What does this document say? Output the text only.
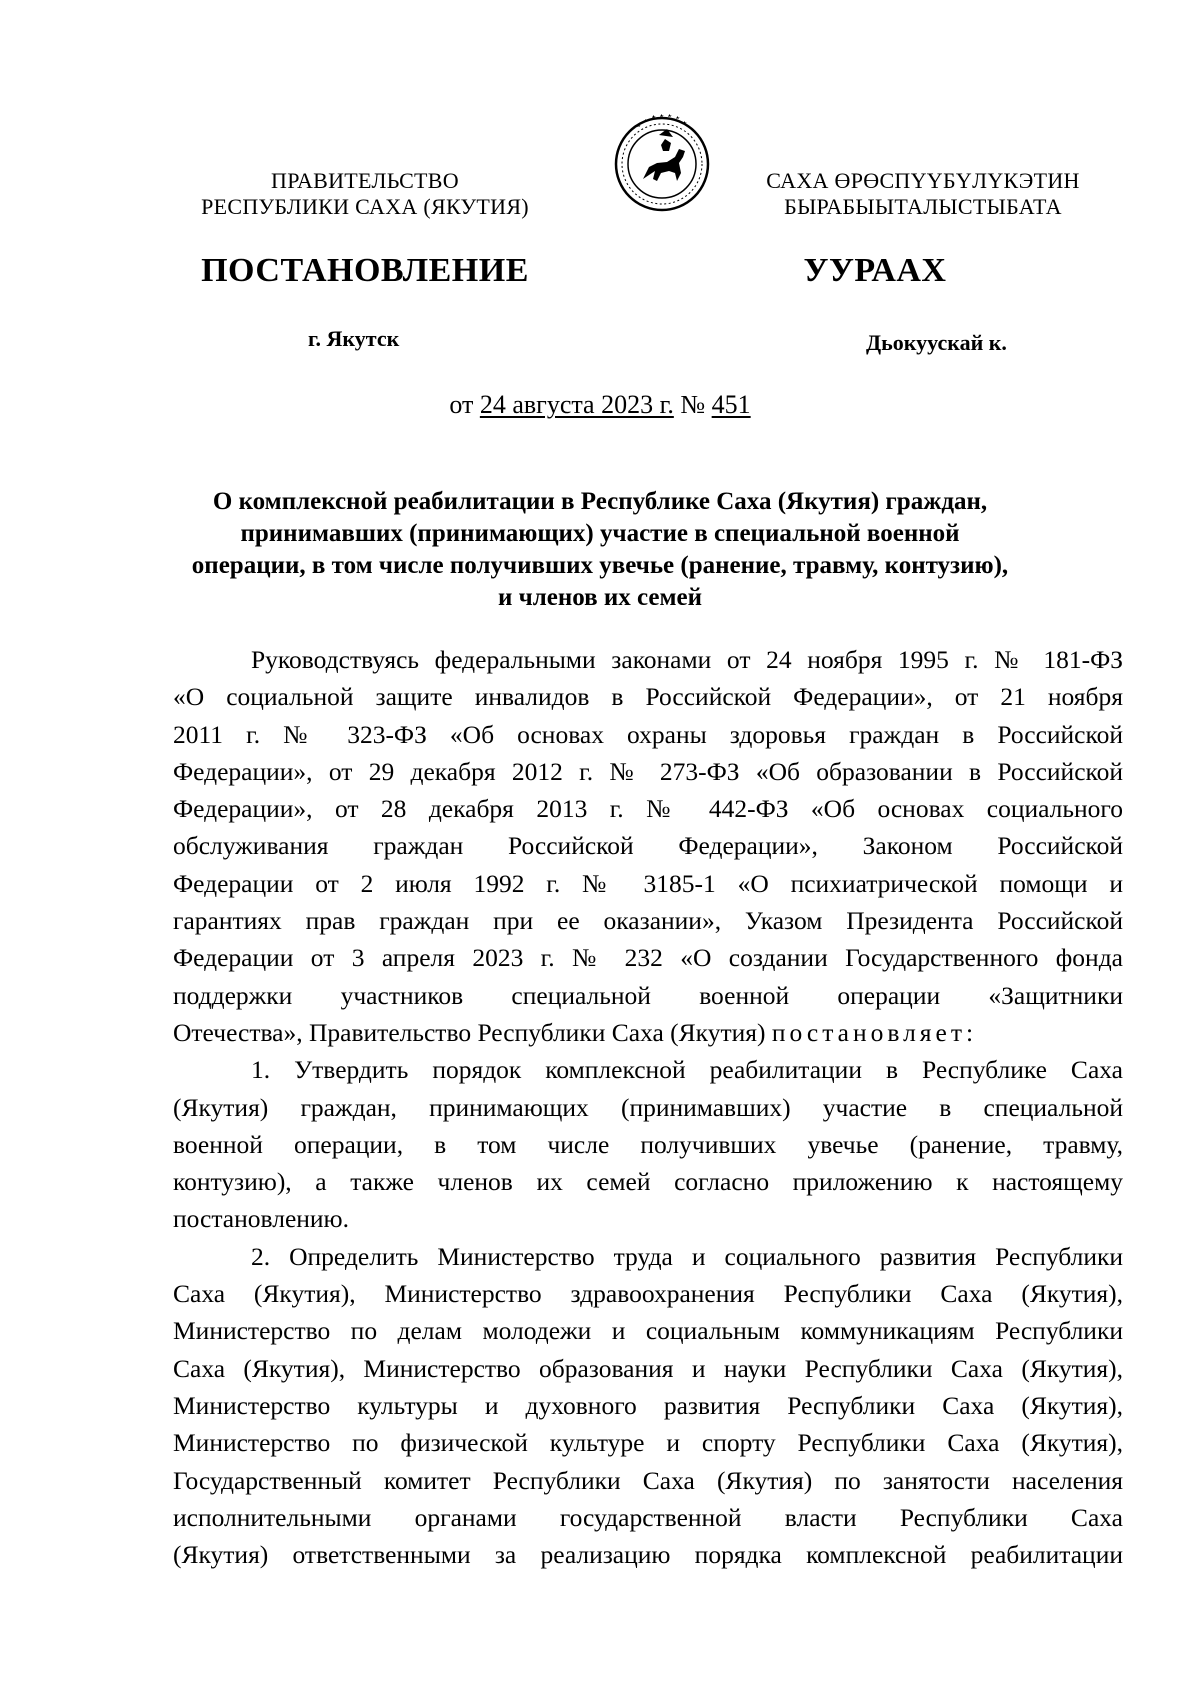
ПРАВИТЕЛЬСТВО
РЕСПУБЛИКИ САХА (ЯКУТИЯ)
САХА ӨРӨСПҮҮБҮЛҮКЭТИН
БЫРАБЫЫТАЛЫСТЫБАТА
ПОСТАНОВЛЕНИЕ	УУРААХ
г. Якутск	Дьокуускай к.
от 24 августа 2023 г. № 451
О комплексной реабилитации в Республике Саха (Якутия) граждан,
принимавших (принимающих) участие в специальной военной
операции, в том числе получивших увечье (ранение, травму, контузию),
и членов их семей
Руководствуясь федеральными законами от 24 ноября 1995 г. № 181-ФЗ
«О социальной защите инвалидов в Российской Федерации», от 21 ноября
2011 г. № 323-ФЗ «Об основах охраны здоровья граждан в Российской
Федерации», от 29 декабря 2012 г. № 273-ФЗ «Об образовании в Российской
Федерации», от 28 декабря 2013 г. № 442-ФЗ «Об основах социального
обслуживания граждан Российской Федерации», Законом Российской
Федерации от 2 июля 1992 г. № 3185-1 «О психиатрической помощи и
гарантиях прав граждан при ее оказании», Указом Президента Российской
Федерации от 3 апреля 2023 г. № 232 «О создании Государственного фонда
поддержки участников специальной военной операции «Защитники
Отечества», Правительство Республики Саха (Якутия) постановляет:
1. Утвердить порядок комплексной реабилитации в Республике Саха
(Якутия) граждан, принимающих (принимавших) участие в специальной
военной операции, в том числе получивших увечье (ранение, травму,
контузию), а также членов их семей согласно приложению к настоящему
постановлению.
2. Определить Министерство труда и социального развития Республики
Саха (Якутия), Министерство здравоохранения Республики Саха (Якутия),
Министерство по делам молодежи и социальным коммуникациям Республики
Саха (Якутия), Министерство образования и науки Республики Саха (Якутия),
Министерство культуры и духовного развития Республики Саха (Якутия),
Министерство по физической культуре и спорту Республики Саха (Якутия),
Государственный комитет Республики Саха (Якутия) по занятости населения
исполнительными органами государственной власти Республики Саха
(Якутия) ответственными за реализацию порядка комплексной реабилитации
